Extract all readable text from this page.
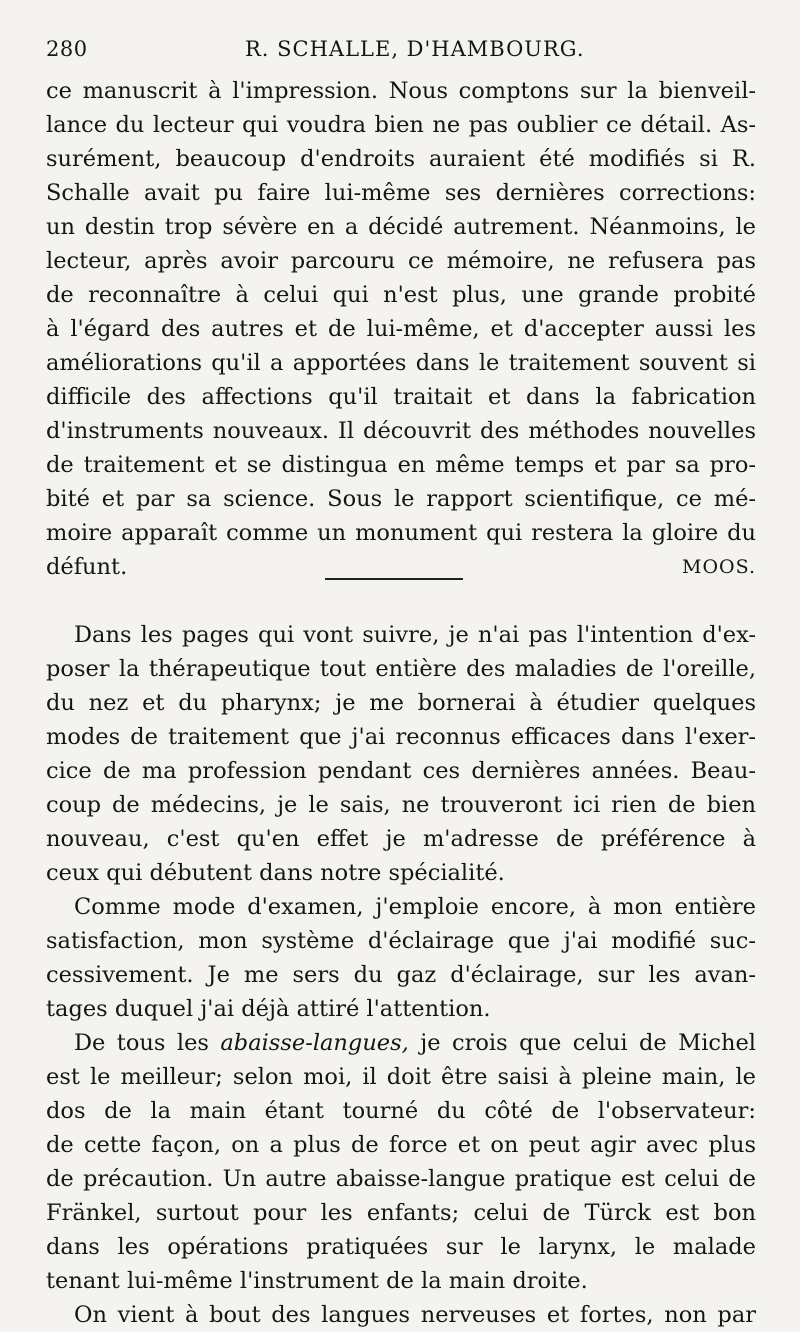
280	R. SCHALLE, D'HAMBOURG.
ce manuscrit à l'impression. Nous comptons sur la bienveil-
lance du lecteur qui voudra bien ne pas oublier ce détail. As-
surément, beaucoup d'endroits auraient été modifiés si R.
Schalle avait pu faire lui-même ses dernières corrections:
un destin trop sévère en a décidé autrement. Néanmoins, le
lecteur, après avoir parcouru ce mémoire, ne refusera pas
de reconnaître à celui qui n'est plus, une grande probité
à l'égard des autres et de lui-même, et d'accepter aussi les
améliorations qu'il a apportées dans le traitement souvent si
difficile des affections qu'il traitait et dans la fabrication
d'instruments nouveaux. Il découvrit des méthodes nouvelles
de traitement et se distingua en même temps et par sa pro-
bité et par sa science. Sous le rapport scientifique, ce mé-
moire apparaît comme un monument qui restera la gloire du
défunt.	MOOS.
Dans les pages qui vont suivre, je n'ai pas l'intention d'ex-
poser la thérapeutique tout entière des maladies de l'oreille,
du nez et du pharynx; je me bornerai à étudier quelques
modes de traitement que j'ai reconnus efficaces dans l'exer-
cice de ma profession pendant ces dernières années. Beau-
coup de médecins, je le sais, ne trouveront ici rien de bien
nouveau, c'est qu'en effet je m'adresse de préférence à
ceux qui débutent dans notre spécialité.
Comme mode d'examen, j'emploie encore, à mon entière
satisfaction, mon système d'éclairage que j'ai modifié suc-
cessivement. Je me sers du gaz d'éclairage, sur les avan-
tages duquel j'ai déjà attiré l'attention.
De tous les abaisse-langues, je crois que celui de Michel
est le meilleur; selon moi, il doit être saisi à pleine main, le
dos de la main étant tourné du côté de l'observateur:
de cette façon, on a plus de force et on peut agir avec plus
de précaution. Un autre abaisse-langue pratique est celui de
Fränkel, surtout pour les enfants; celui de Türck est bon
dans les opérations pratiquées sur le larynx, le malade
tenant lui-même l'instrument de la main droite.
On vient à bout des langues nerveuses et fortes, non par
